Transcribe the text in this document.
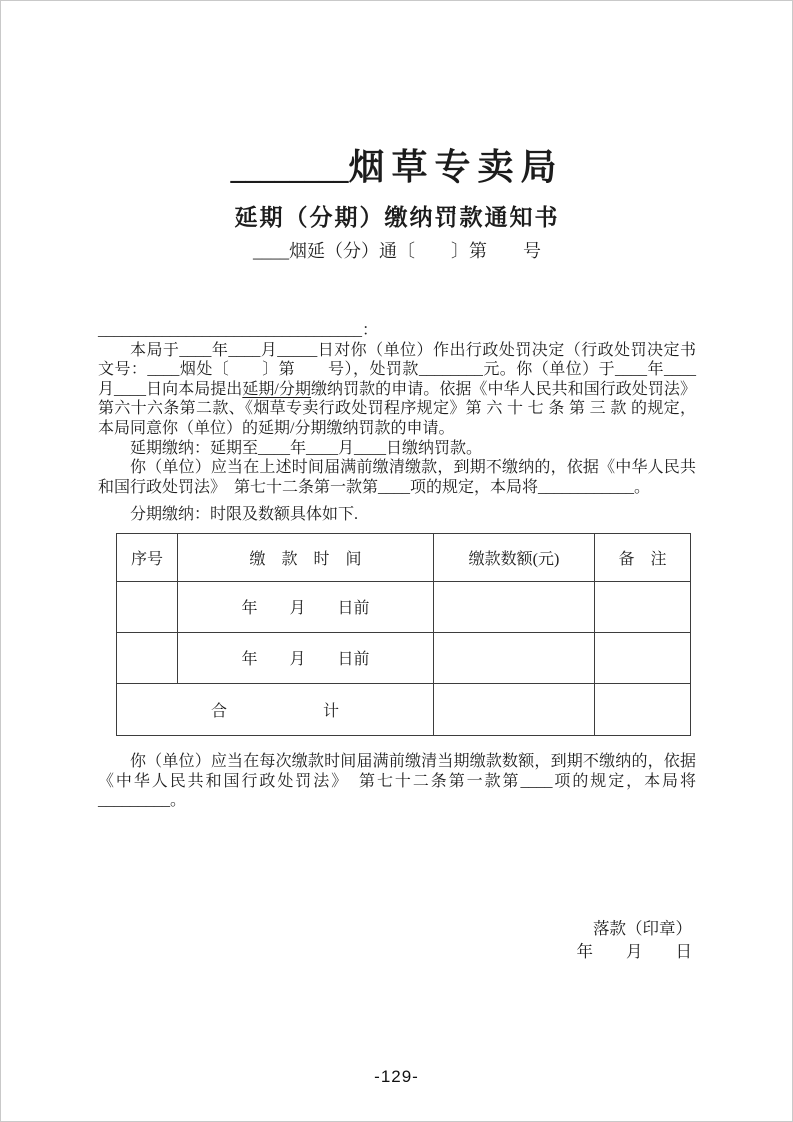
________烟草专卖局
延期（分期）缴纳罚款通知书
____烟延（分）通〔　　〕第　　号
_________________________________：

本局于____年____月_____日对你（单位）作出行政处罚决定（行政处罚决定书文号：____烟处〔　　〕第　　号），处罚款________元。你（单位）于____年____月____日向本局提出延期/分期缴纳罚款的申请。依据《中华人民共和国行政处罚法》第六十六条第二款、《烟草专卖行政处罚程序规定》第 六 十 七 条 第 三 款 的规定，本局同意你（单位）的延期/分期缴纳罚款的申请。

延期缴纳：延期至____年____月____日缴纳罚款。

你（单位）应当在上述时间届满前缴清缴款，到期不缴纳的，依据《中华人民共和国行政处罚法》　第七十二条第一款第____项的规定，本局将____________。

分期缴纳：时限及数额具体如下.

序号	缴　款　时　间	缴款数额(元)	备　注
	年　　月　　日前		
	年　　月　　日前		
合　　　　　　计			

你（单位）应当在每次缴款时间届满前缴清当期缴款数额，到期不缴纳的，依据《中华人民共和国行政处罚法》　第七十二条第一款第____项的规定，本局将_________。

落款（印章）
年　　月　　日
-129-
